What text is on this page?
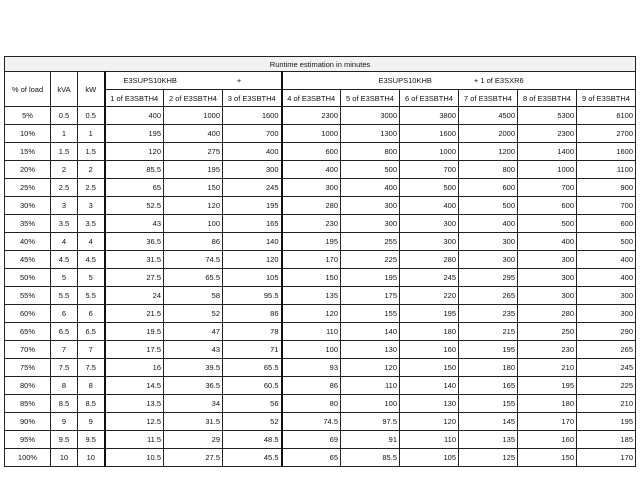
Runtime estimation in minutes											
% of load	kVA	kW	E3SUPS10KHB +			E3SUPS10KHB + 1 of E3SXR6					
			1 of E3SBTH4	2 of E3SBTH4	3 of E3SBTH4	4 of E3SBTH4	5 of E3SBTH4	6 of E3SBTH4	7 of E3SBTH4	8 of E3SBTH4	9 of E3SBTH4
5%	0.5	0.5	400	1000	1600	2300	3000	3800	4500	5300	6100
10%	1	1	195	400	700	1000	1300	1600	2000	2300	2700
15%	1.5	1.5	120	275	400	600	800	1000	1200	1400	1600
20%	2	2	85.5	195	300	400	500	700	800	1000	1100
25%	2.5	2.5	65	150	245	300	400	500	600	700	900
30%	3	3	52.5	120	195	280	300	400	500	600	700
35%	3.5	3.5	43	100	165	230	300	300	400	500	600
40%	4	4	36.5	86	140	195	255	300	300	400	500
45%	4.5	4.5	31.5	74.5	120	170	225	280	300	300	400
50%	5	5	27.5	65.5	105	150	195	245	295	300	400
55%	5.5	5.5	24	58	95.5	135	175	220	265	300	300
60%	6	6	21.5	52	86	120	155	195	235	280	300
65%	6.5	6.5	19.5	47	78	110	140	180	215	250	290
70%	7	7	17.5	43	71	100	130	160	195	230	265
75%	7.5	7.5	16	39.5	65.5	93	120	150	180	210	245
80%	8	8	14.5	36.5	60.5	86	110	140	165	195	225
85%	8.5	8.5	13.5	34	56	80	100	130	155	180	210
90%	9	9	12.5	31.5	52	74.5	97.5	120	145	170	195
95%	9.5	9.5	11.5	29	48.5	69	91	110	135	160	185
100%	10	10	10.5	27.5	45.5	65	85.5	105	125	150	170
